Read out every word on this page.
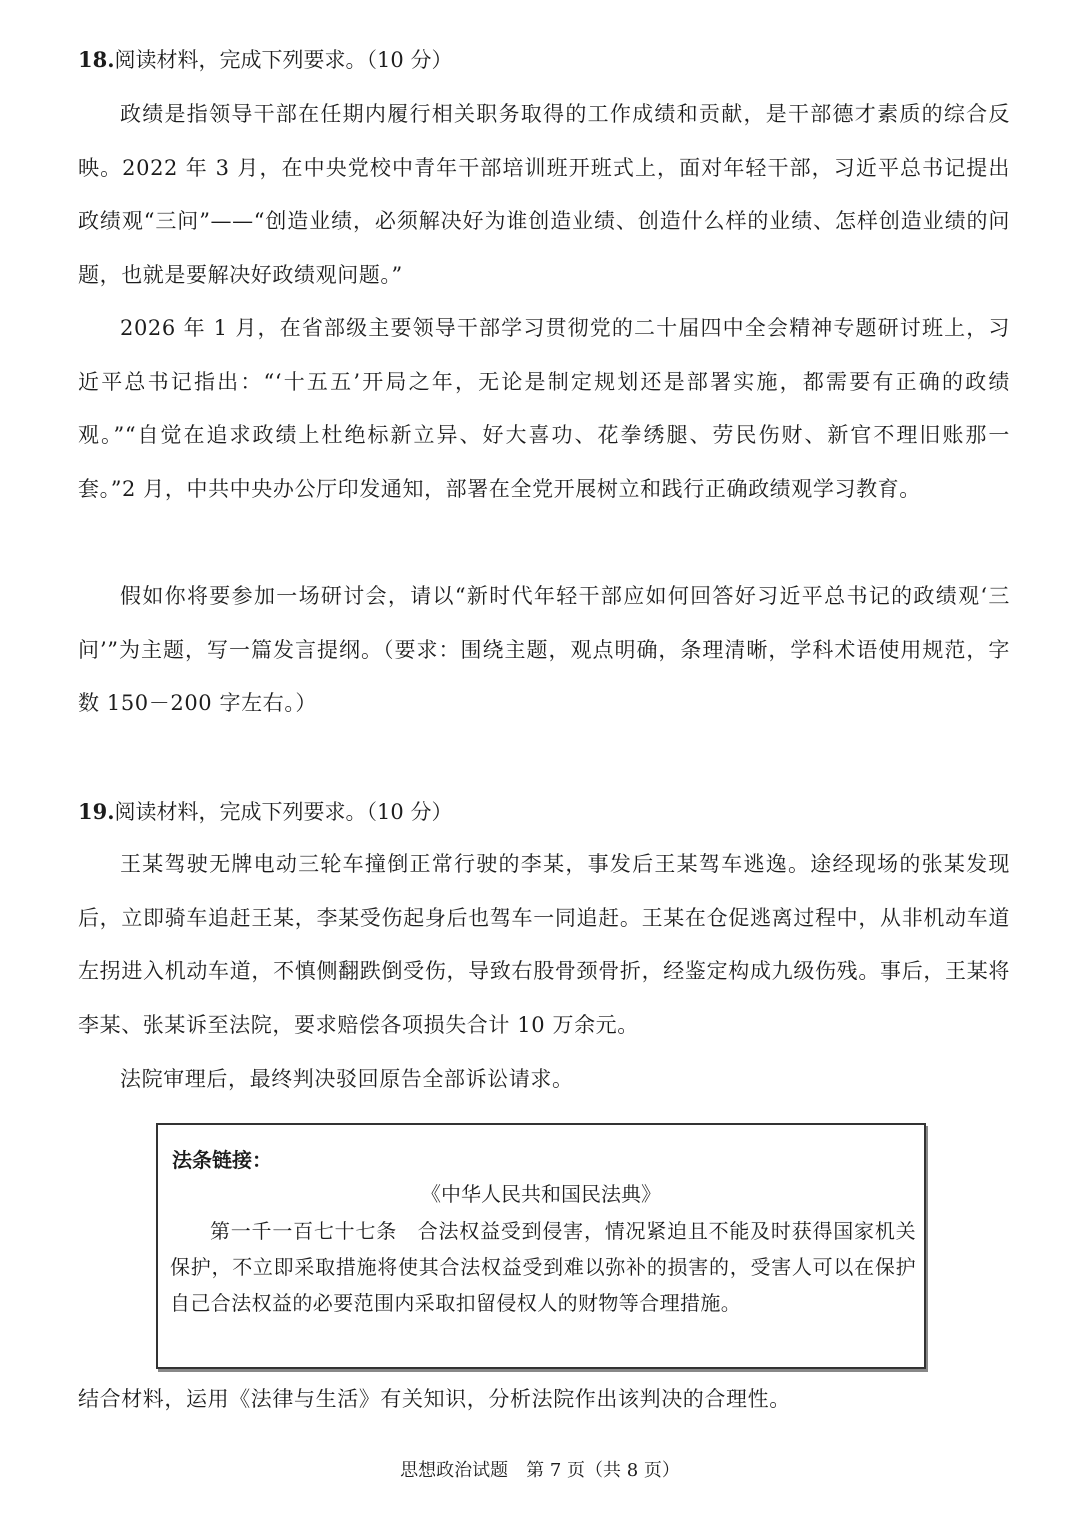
18.阅读材料，完成下列要求。（10 分）
政绩是指领导干部在任期内履行相关职务取得的工作成绩和贡献，是干部德才素质的综合反映。2022 年 3 月，在中央党校中青年干部培训班开班式上，面对年轻干部，习近平总书记提出政绩观“三问”——“创造业绩，必须解决好为谁创造业绩、创造什么样的业绩、怎样创造业绩的问题，也就是要解决好政绩观问题。”
2026 年 1 月，在省部级主要领导干部学习贯彻党的二十届四中全会精神专题研讨班上，习近平总书记指出：“‘十五五’开局之年，无论是制定规划还是部署实施，都需要有正确的政绩观。”“自觉在追求政绩上杜绝标新立异、好大喜功、花拳绣腿、劳民伤财、新官不理旧账那一套。”2 月，中共中央办公厅印发通知，部署在全党开展树立和践行正确政绩观学习教育。
假如你将要参加一场研讨会，请以“新时代年轻干部应如何回答好习近平总书记的政绩观‘三问’”为主题，写一篇发言提纲。（要求：围绕主题，观点明确，条理清晰，学科术语使用规范，字数 150－200 字左右。）
19.阅读材料，完成下列要求。（10 分）
王某驾驶无牌电动三轮车撞倒正常行驶的李某，事发后王某驾车逃逸。途经现场的张某发现后，立即骑车追赶王某，李某受伤起身后也驾车一同追赶。王某在仓促逃离过程中，从非机动车道左拐进入机动车道，不慎侧翻跌倒受伤，导致右股骨颈骨折，经鉴定构成九级伤残。事后，王某将李某、张某诉至法院，要求赔偿各项损失合计 10 万余元。
法院审理后，最终判决驳回原告全部诉讼请求。
法条链接：
《中华人民共和国民法典》
第一千一百七十七条　合法权益受到侵害，情况紧迫且不能及时获得国家机关保护，不立即采取措施将使其合法权益受到难以弥补的损害的，受害人可以在保护自己合法权益的必要范围内采取扣留侵权人的财物等合理措施。
结合材料，运用《法律与生活》有关知识，分析法院作出该判决的合理性。
思想政治试题　第 7 页（共 8 页）
